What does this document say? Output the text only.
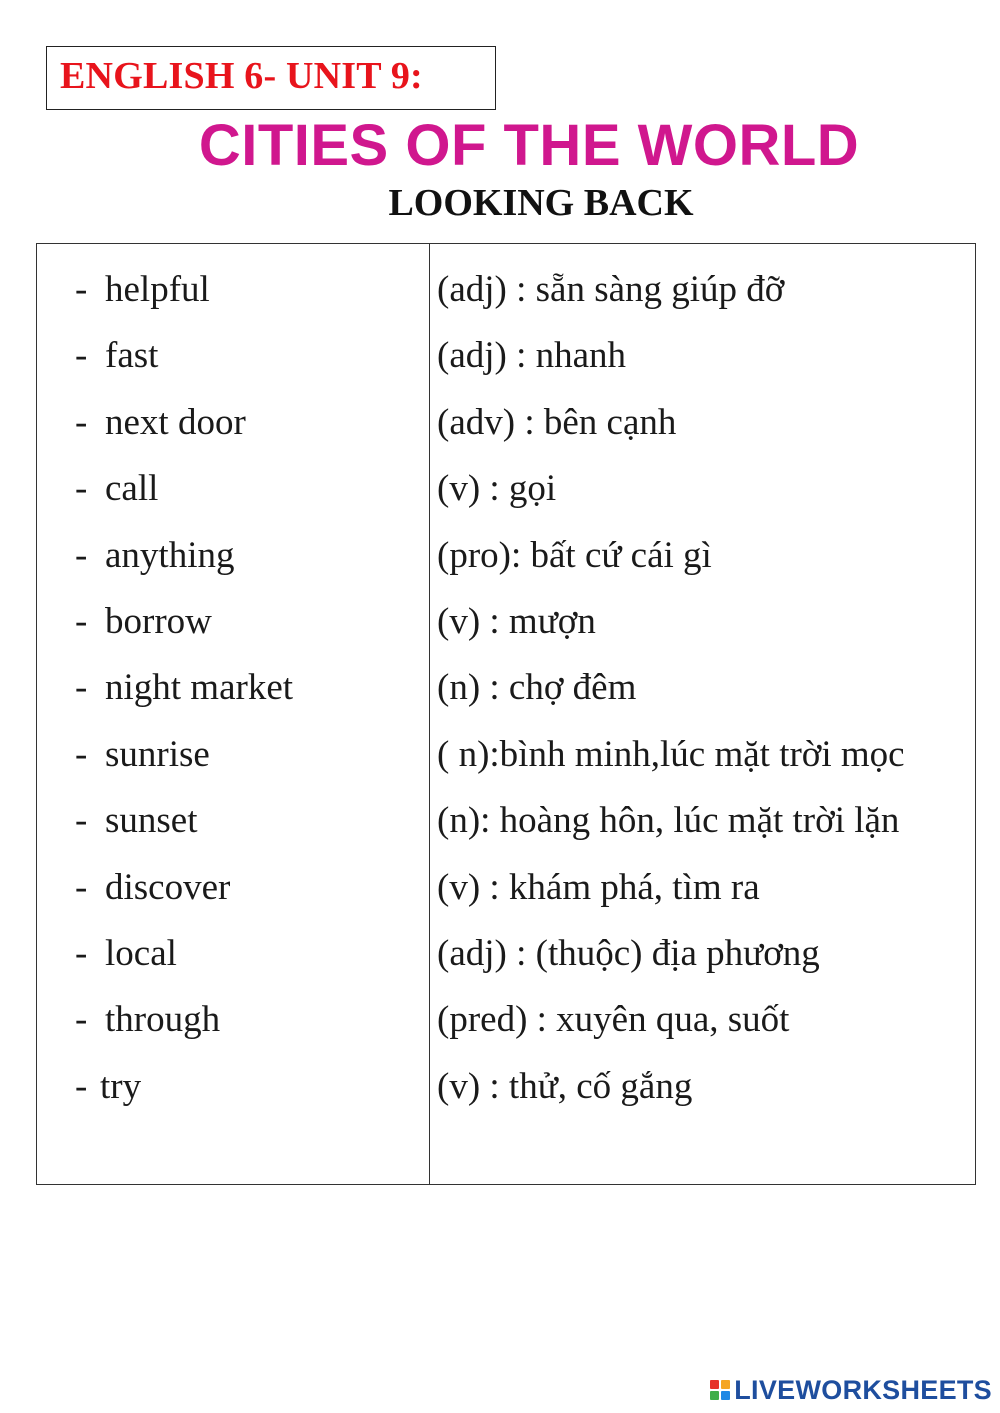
ENGLISH 6- UNIT 9:
CITIES OF THE WORLD
LOOKING BACK
- helpful	(adj) : sẵn sàng giúp đỡ
- fast	(adj) : nhanh
- next door	(adv) : bên cạnh
- call	(v) : gọi
- anything	(pro): bất cứ cái gì
- borrow	(v) : mượn
- night market	(n) : chợ đêm
- sunrise	( n):bình minh,lúc mặt trời mọc
- sunset	(n): hoàng hôn, lúc mặt trời lặn
- discover	(v) : khám phá, tìm ra
- local	(adj) : (thuộc) địa phương
- through	(pred) : xuyên qua, suốt
- try	(v) : thử, cố gắng
LIVEWORKSHEETS
